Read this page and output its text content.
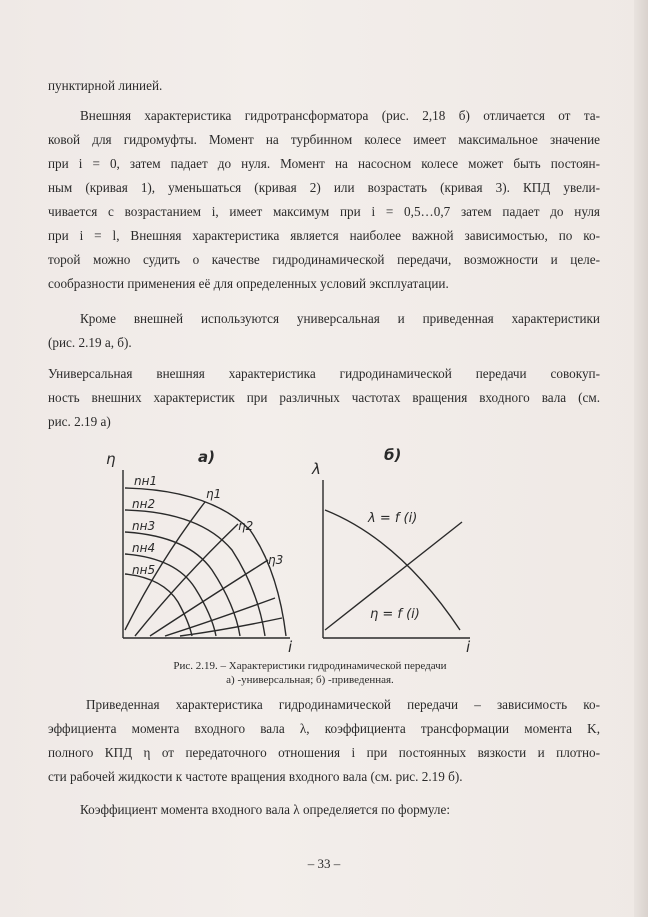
пунктирной линией.
Внешняя характеристика гидротрансформатора (рис. 2,18 б) отличается от та-
ковой для гидромуфты. Момент на турбинном колесе имеет максимальное значение
при i = 0, затем падает до нуля. Момент на насосном колесе может быть постоян-
ным (кривая 1), уменьшаться (кривая 2) или возрастать (кривая 3). КПД увели-
чивается с возрастанием i, имеет максимум при i = 0,5…0,7 затем падает до нуля
при i = l, Внешняя характеристика является наиболее важной зависимостью, по ко-
торой можно судить о качестве гидродинамической передачи, возможности и целе-
сообразности применения её для определенных условий эксплуатации.
Кроме внешней используются универсальная и приведенная характеристики
(рис. 2.19 а, б).
Универсальная внешняя характеристика гидродинамической передачи совокуп-
ность внешних характеристик при различных частотах вращения входного вала (см.
рис. 2.19 а)
η
i
nн1
nн2
nн3
nн4
nн5
η1
η2
η3
а)
λ
i
б)
λ = f (i)
η = f (i)
Рис. 2.19. – Характеристики гидродинамической передачи
а) -универсальная; б) -приведенная.
Приведенная характеристика гидродинамической передачи – зависимость ко-
эффициента момента входного вала λ, коэффициента трансформации момента K,
полного КПД η от передаточного отношения i при постоянных вязкости и плотно-
сти рабочей жидкости к частоте вращения входного вала (см. рис. 2.19 б).
Коэффициент момента входного вала λ определяется по формуле:
– 33 –
